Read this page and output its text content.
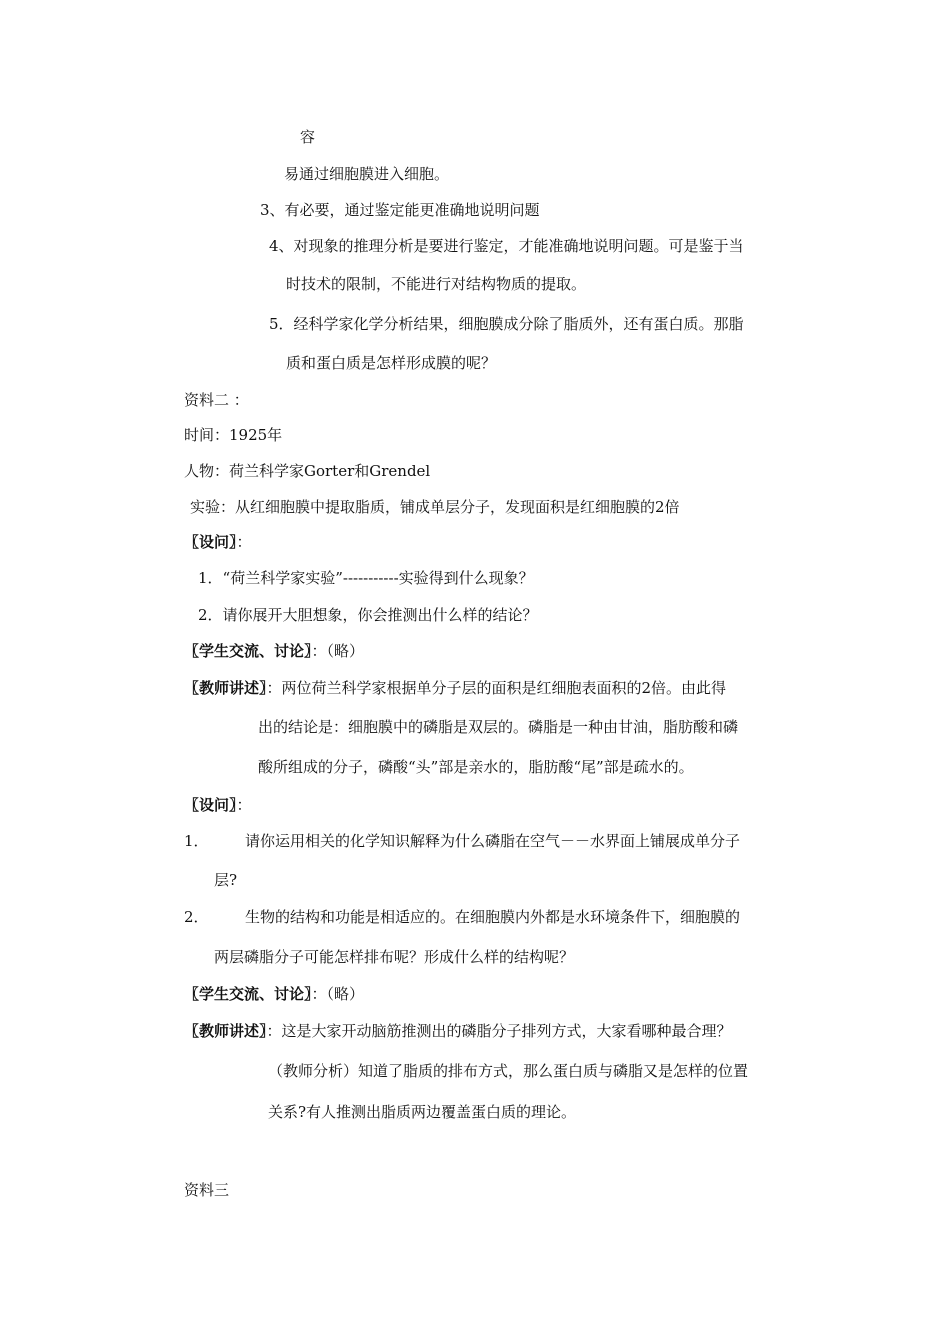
容
易通过细胞膜进入细胞。
3、有必要，通过鉴定能更准确地说明问题
4、对现象的推理分析是要进行鉴定，才能准确地说明问题。可是鉴于当
时技术的限制，不能进行对结构物质的提取。
5．经科学家化学分析结果，细胞膜成分除了脂质外，还有蛋白质。那脂
质和蛋白质是怎样形成膜的呢？
资料二 ：
时间：1925年
人物：荷兰科学家Gorter和Grendel
实验：从红细胞膜中提取脂质，铺成单层分子，发现面积是红细胞膜的2倍
〖设问〗：
1．“荷兰科学家实验”-----------实验得到什么现象？
2．请你展开大胆想象，你会推测出什么样的结论？
〖学生交流、讨论〗：（略）
〖教师讲述〗：两位荷兰科学家根据单分子层的面积是红细胞表面积的2倍。由此得
出的结论是：细胞膜中的磷脂是双层的。磷脂是一种由甘油，脂肪酸和磷
酸所组成的分子，磷酸“头”部是亲水的，脂肪酸“尾”部是疏水的。
〖设问〗：
1． 请你运用相关的化学知识解释为什么磷脂在空气－－水界面上铺展成单分子
层?
2． 生物的结构和功能是相适应的。在细胞膜内外都是水环境条件下，细胞膜的
两层磷脂分子可能怎样排布呢？形成什么样的结构呢？
〖学生交流、讨论〗：（略）
〖教师讲述〗：这是大家开动脑筋推测出的磷脂分子排列方式，大家看哪种最合理？
（教师分析）知道了脂质的排布方式，那么蛋白质与磷脂又是怎样的位置
关系?有人推测出脂质两边覆盖蛋白质的理论。
资料三
